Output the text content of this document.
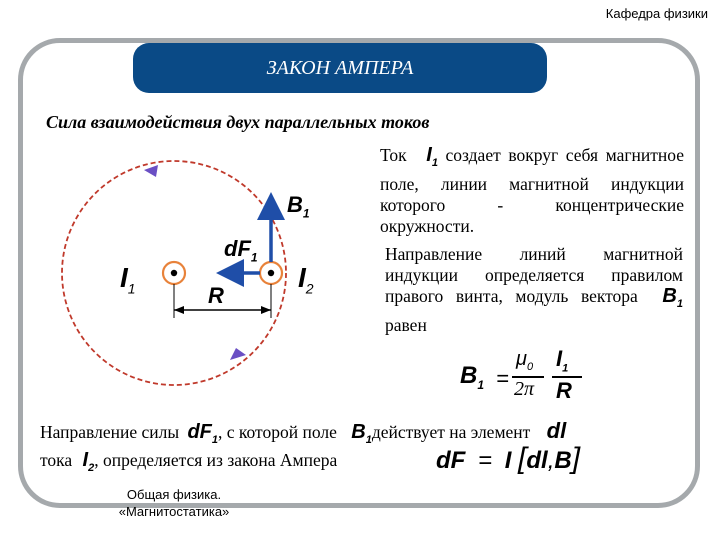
Кафедра физики
ЗАКОН АМПЕРА
Сила взаимодействия двух параллельных токов
$I_1$	$I_2$
R
$dF_1$
$B_1$
Ток $I_1$ создает вокруг себя магнитное поле, линии магнитной индукции которого - концентрические окружности.
Направление линий магнитной индукции определяется правилом правого винта, модуль вектора $B_1$ равен
$B_1$ =
$\mu_0$ $I_1$
2π R
Направление силы $dF_1$, с которой поле $B_1действует$ на элемент dl
тока $I_2$, определяется из закона Ампера	dF = I [dl,B]
Общая физика.
«Магнитостатика»
